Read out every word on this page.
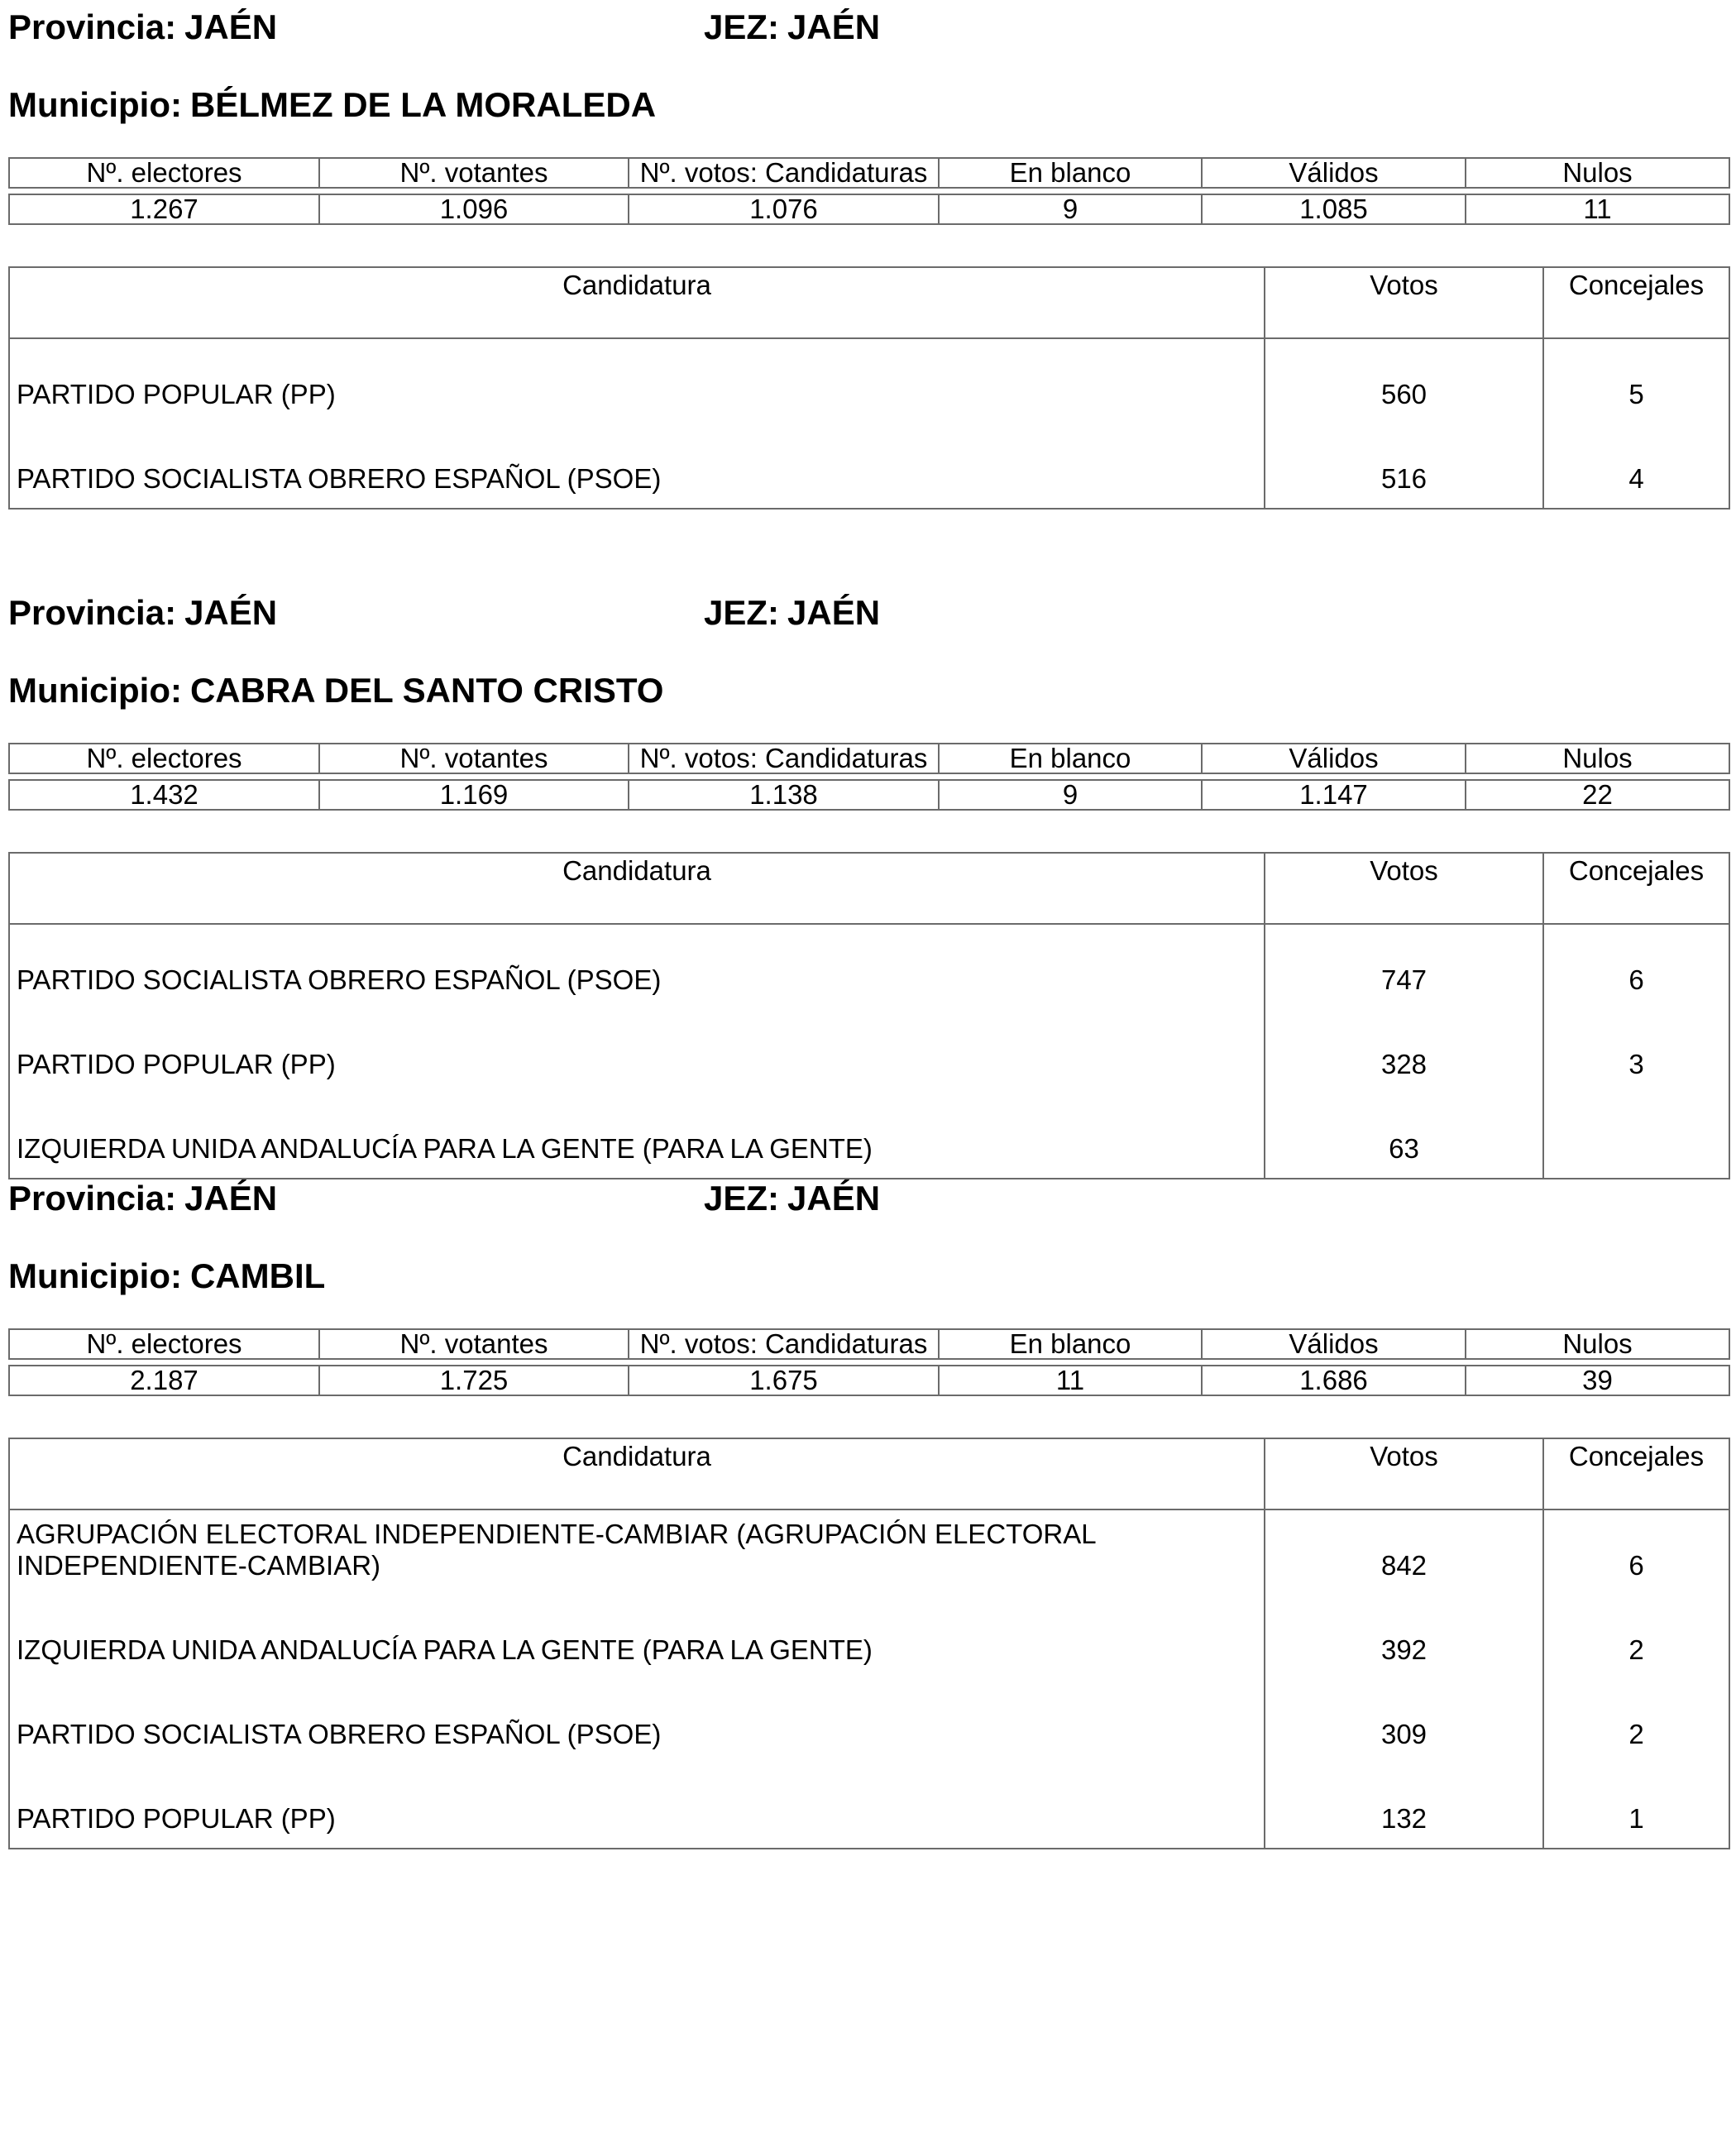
Provincia: JAÉN	JEZ: JAÉN
Municipio: BÉLMEZ DE LA MORALEDA
Nº. electores	Nº. votantes	Nº. votos: Candidaturas	En blanco	Válidos	Nulos

1.267	1.096	1.076	9	1.085	11
Candidatura	Votos	Concejales
PARTIDO POPULAR (PP)	560	5
PARTIDO SOCIALISTA OBRERO ESPAÑOL (PSOE)	516	4
Provincia: JAÉN	JEZ: JAÉN
Municipio: CABRA DEL SANTO CRISTO
Nº. electores	Nº. votantes	Nº. votos: Candidaturas	En blanco	Válidos	Nulos

1.432	1.169	1.138	9	1.147	22
Candidatura	Votos	Concejales
PARTIDO SOCIALISTA OBRERO ESPAÑOL (PSOE)	747	6
PARTIDO POPULAR (PP)	328	3
IZQUIERDA UNIDA ANDALUCÍA PARA LA GENTE (PARA LA GENTE)	63	
Provincia: JAÉN	JEZ: JAÉN
Municipio: CAMBIL
Nº. electores	Nº. votantes	Nº. votos: Candidaturas	En blanco	Válidos	Nulos

2.187	1.725	1.675	11	1.686	39
Candidatura	Votos	Concejales
AGRUPACIÓN ELECTORAL INDEPENDIENTE-CAMBIAR (AGRUPACIÓN ELECTORAL INDEPENDIENTE-CAMBIAR)	842	6
IZQUIERDA UNIDA ANDALUCÍA PARA LA GENTE (PARA LA GENTE)	392	2
PARTIDO SOCIALISTA OBRERO ESPAÑOL (PSOE)	309	2
PARTIDO POPULAR (PP)	132	1
